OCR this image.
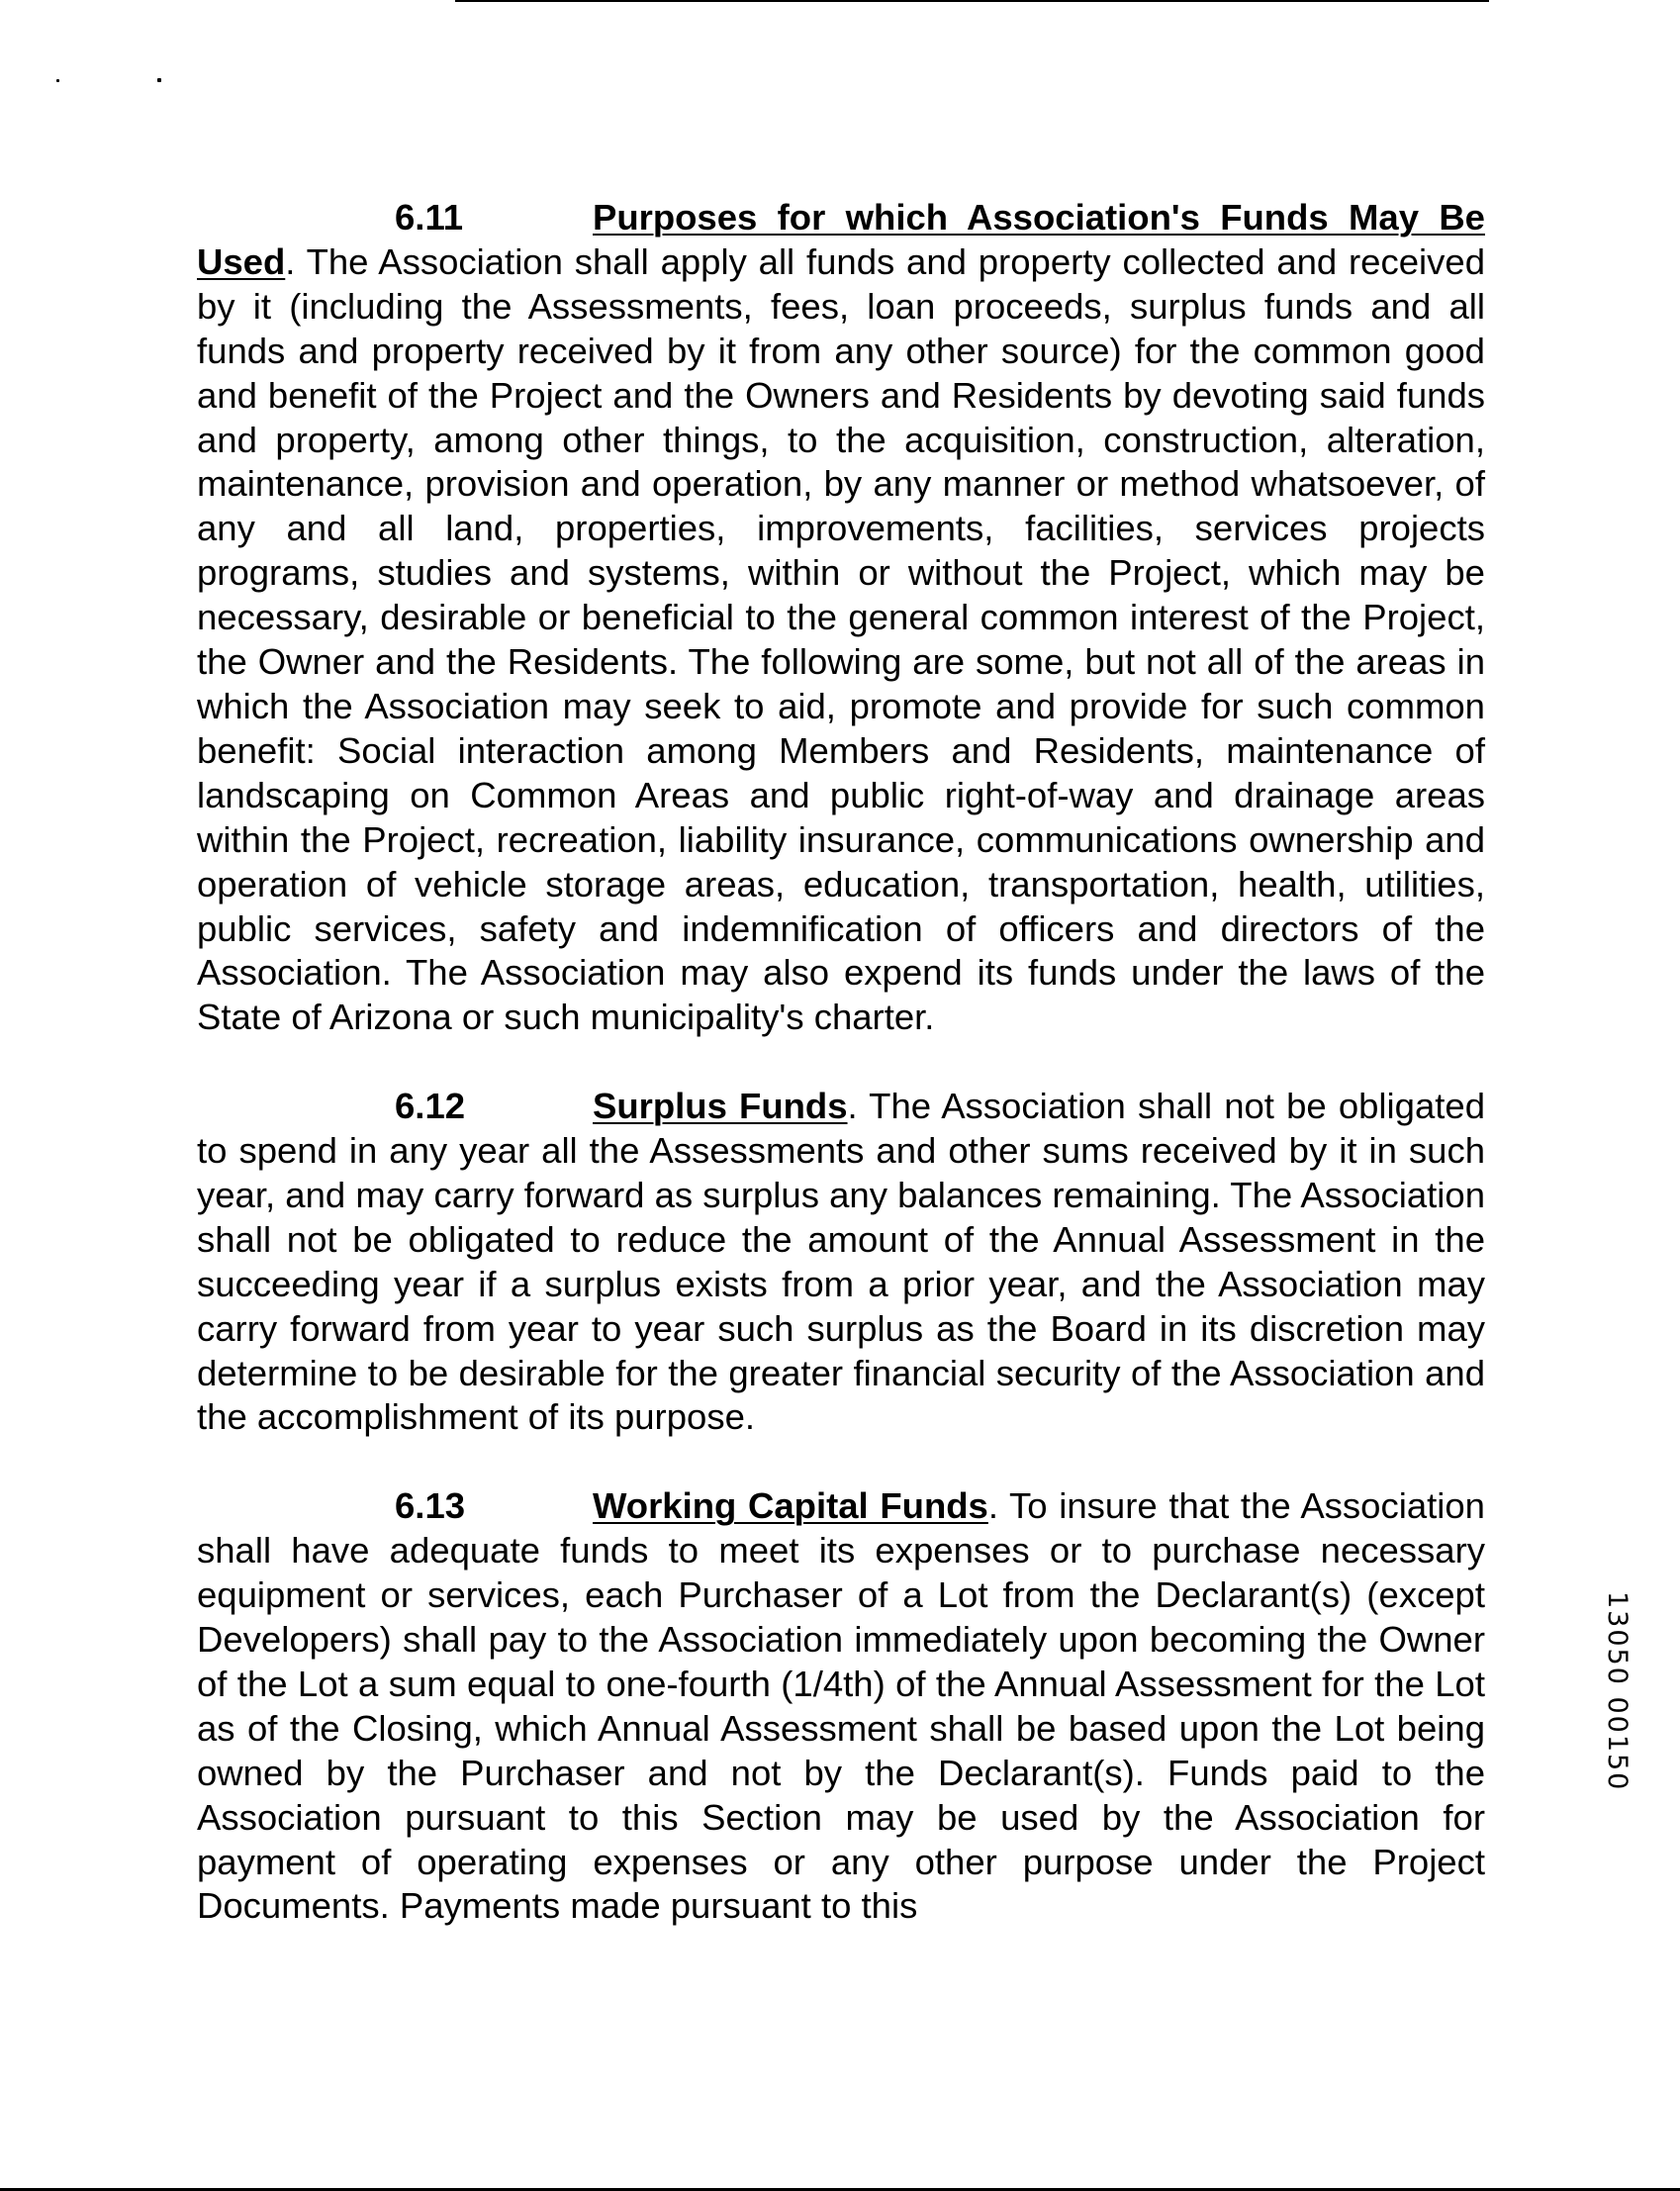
6.11	Purposes for which Association's Funds May Be Used. The Association shall apply all funds and property collected and received by it (including the Assessments, fees, loan proceeds, surplus funds and all funds and property received by it from any other source) for the common good and benefit of the Project and the Owners and Residents by devoting said funds and property, among other things, to the acquisition, construction, alteration, maintenance, provision and operation, by any manner or method whatsoever, of any and all land, properties, improvements, facilities, services projects programs, studies and systems, within or without the Project, which may be necessary, desirable or beneficial to the general common interest of the Project, the Owner and the Residents. The following are some, but not all of the areas in which the Association may seek to aid, promote and provide for such common benefit: Social interaction among Members and Residents, maintenance of landscaping on Common Areas and public right-of-way and drainage areas within the Project, recreation, liability insurance, communications ownership and operation of vehicle storage areas, education, transportation, health, utilities, public services, safety and indemnification of officers and directors of the Association. The Association may also expend its funds under the laws of the State of Arizona or such municipality's charter.

6.12	Surplus Funds. The Association shall not be obligated to spend in any year all the Assessments and other sums received by it in such year, and may carry forward as surplus any balances remaining. The Association shall not be obligated to reduce the amount of the Annual Assessment in the succeeding year if a surplus exists from a prior year, and the Association may carry forward from year to year such surplus as the Board in its discretion may determine to be desirable for the greater financial security of the Association and the accomplishment of its purpose.

6.13	Working Capital Funds. To insure that the Association shall have adequate funds to meet its expenses or to purchase necessary equipment or services, each Purchaser of a Lot from the Declarant(s) (except Developers) shall pay to the Association immediately upon becoming the Owner of the Lot a sum equal to one-fourth (1/4th) of the Annual Assessment for the Lot as of the Closing, which Annual Assessment shall be based upon the Lot being owned by the Purchaser and not by the Declarant(s). Funds paid to the Association pursuant to this Section may be used by the Association for payment of operating expenses or any other purpose under the Project Documents. Payments made pursuant to this

13050 00150
